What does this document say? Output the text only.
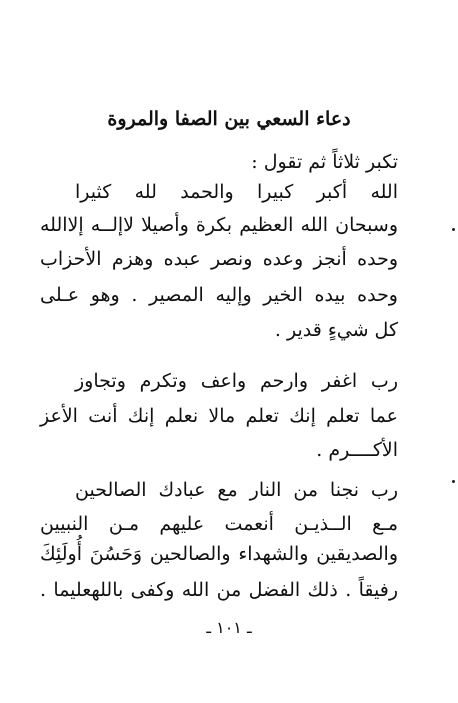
دعاء السعي بين الصفا والمروة
تكبر ثلاثاً ثم تقول :
الله أكبر كبيرا والحمد لله كثيرا
وسبحان الله العظيم بكرة وأصيلا لاإلــه إلاالله
وحده أنجز وعده ونصر عبده وهزم الأحزاب
وحده بيده الخير وإليه المصير . وهو عـلى
كل شيءٍ قدير .
رب اغفر وارحم واعف وتكرم وتجاوز
عما تعلم إنك تعلم مالا نعلم إنك أنت الأعز
الأكــــرم .
رب نجنا من النار مع عبادك الصالحين
مـع الــذيـن أنعمت عليهم مـن النبيين
والصديقين والشهداء والصالحين وَحَسُنَ أُولَئِكَ
رفيقاً . ذلك الفضل من الله وكفى باللهعليما .
ـ ١٠١ ـ
